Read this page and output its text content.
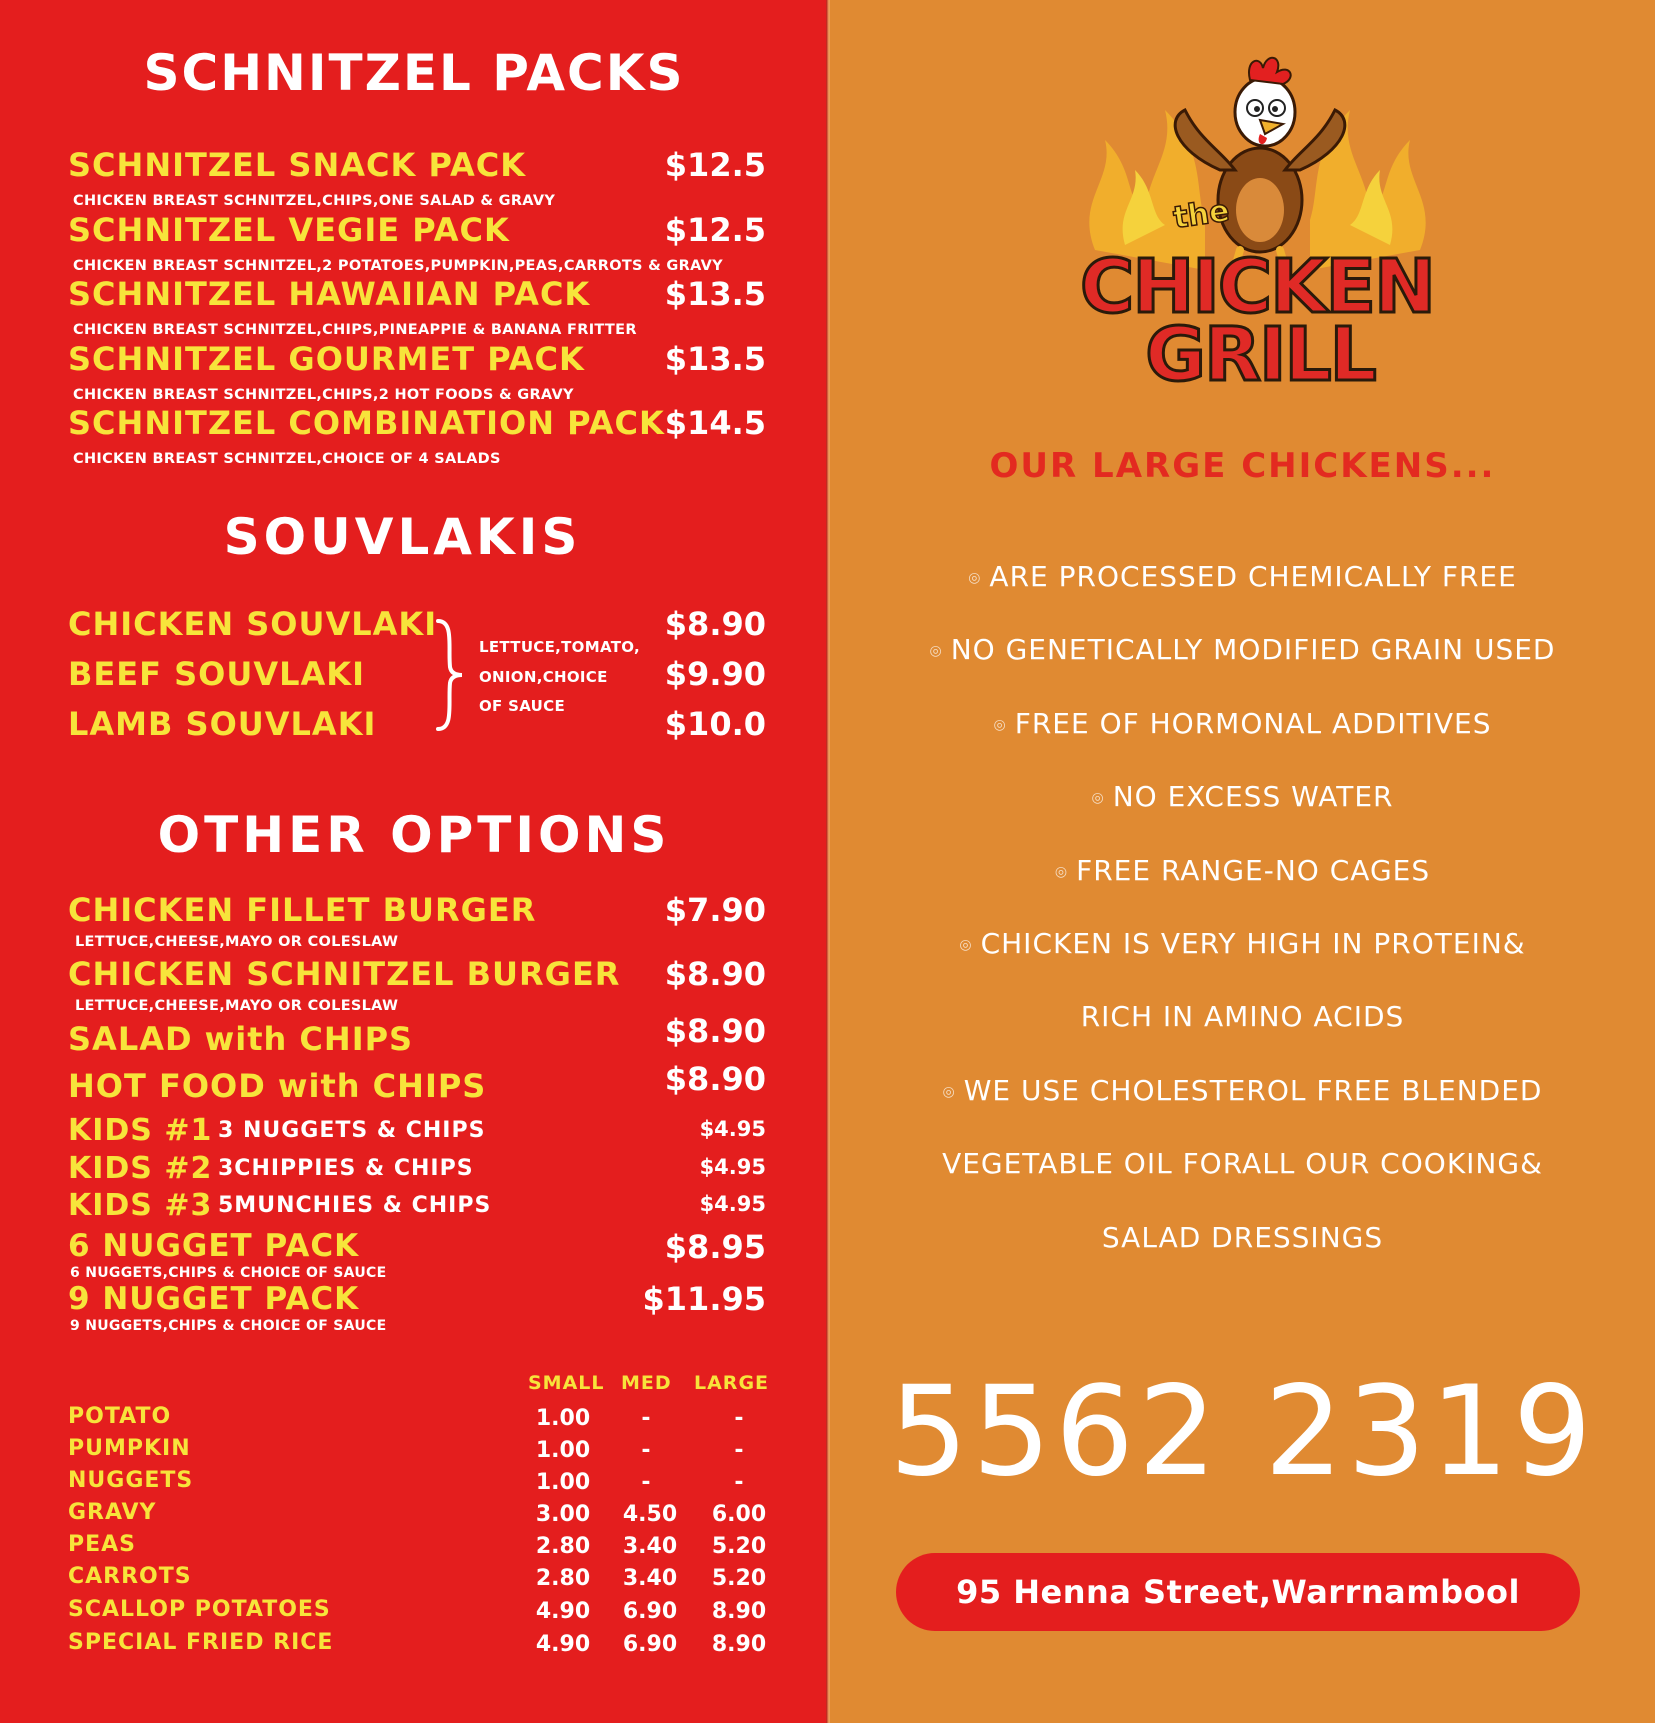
SCHNITZEL PACKS
SCHNITZEL SNACK PACK	$12.5
CHICKEN BREAST SCHNITZEL,CHIPS,ONE SALAD & GRAVY
SCHNITZEL VEGIE PACK	$12.5
CHICKEN BREAST SCHNITZEL,2 POTATOES,PUMPKIN,PEAS,CARROTS & GRAVY
SCHNITZEL HAWAIIAN PACK	$13.5
CHICKEN BREAST SCHNITZEL,CHIPS,PINEAPPIE & BANANA FRITTER
SCHNITZEL GOURMET PACK	$13.5
CHICKEN BREAST SCHNITZEL,CHIPS,2 HOT FOODS & GRAVY
SCHNITZEL COMBINATION PACK $14.5
CHICKEN BREAST SCHNITZEL,CHOICE OF 4 SALADS
SOUVLAKIS
CHICKEN SOUVLAKI	$8.90
BEEF SOUVLAKI	$9.90
LAMB SOUVLAKI	$10.0
LETTUCE,TOMATO,
ONION,CHOICE
OF SAUCE
OTHER OPTIONS
CHICKEN FILLET BURGER	$7.90
LETTUCE,CHEESE,MAYO OR COLESLAW
CHICKEN SCHNITZEL BURGER	$8.90
LETTUCE,CHEESE,MAYO OR COLESLAW
SALAD with CHIPS	$8.90
HOT FOOD with CHIPS	$8.90
KIDS #1 3 NUGGETS & CHIPS	$4.95
KIDS #2 3CHIPPIES & CHIPS	$4.95
KIDS #3 5MUNCHIES & CHIPS	$4.95
6 NUGGET PACK	$8.95
6 NUGGETS,CHIPS & CHOICE OF SAUCE
9 NUGGET PACK	$11.95
9 NUGGETS,CHIPS & CHOICE OF SAUCE
SMALL MED LARGE
POTATO	1.00	-	-
PUMPKIN	1.00	-	-
NUGGETS	1.00	-	-
GRAVY	3.00	4.50	6.00
PEAS	2.80	3.40	5.20
CARROTS	2.80	3.40	5.20
SCALLOP POTATOES	4.90	6.90	8.90
SPECIAL FRIED RICE	4.90	6.90	8.90
the
CHICKEN
GRILL
OUR LARGE CHICKENS...
◎ ARE PROCESSED CHEMICALLY FREE
◎ NO GENETICALLY MODIFIED GRAIN USED
◎ FREE OF HORMONAL ADDITIVES
◎ NO EXCESS WATER
◎ FREE RANGE-NO CAGES
◎ CHICKEN IS VERY HIGH IN PROTEIN&
RICH IN AMINO ACIDS
◎ WE USE CHOLESTEROL FREE BLENDED
VEGETABLE OIL FORALL OUR COOKING&
SALAD DRESSINGS
5562 2319
95 Henna Street,Warrnambool
